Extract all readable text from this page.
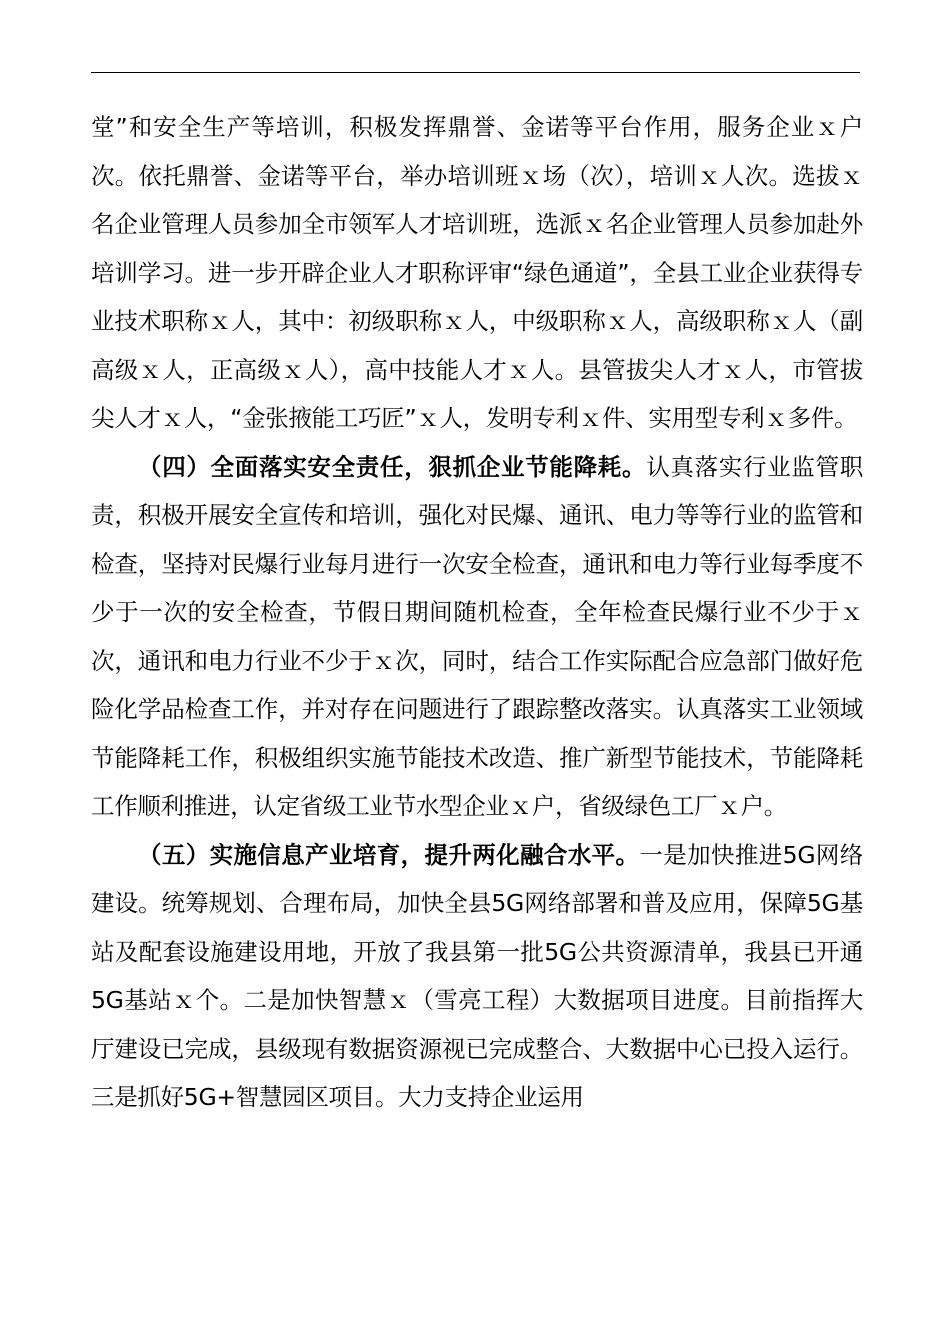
堂”和安全生产等培训，积极发挥鼎誉、金诺等平台作用，服务企业ｘ户次。依托鼎誉、金诺等平台，举办培训班ｘ场（次），培训ｘ人次。选拔ｘ名企业管理人员参加全市领军人才培训班，选派ｘ名企业管理人员参加赴外培训学习。进一步开辟企业人才职称评审“绿色通道”，全县工业企业获得专业技术职称ｘ人，其中：初级职称ｘ人，中级职称ｘ人，高级职称ｘ人（副高级ｘ人，正高级ｘ人），高中技能人才ｘ人。县管拔尖人才ｘ人，市管拔尖人才ｘ人，“金张掖能工巧匠”ｘ人，发明专利ｘ件、实用型专利ｘ多件。

（四）全面落实安全责任，狠抓企业节能降耗。认真落实行业监管职责，积极开展安全宣传和培训，强化对民爆、通讯、电力等等行业的监管和检查，坚持对民爆行业每月进行一次安全检查，通讯和电力等行业每季度不少于一次的安全检查，节假日期间随机检查，全年检查民爆行业不少于ｘ次，通讯和电力行业不少于ｘ次，同时，结合工作实际配合应急部门做好危险化学品检查工作，并对存在问题进行了跟踪整改落实。认真落实工业领域节能降耗工作，积极组织实施节能技术改造、推广新型节能技术，节能降耗工作顺利推进，认定省级工业节水型企业ｘ户，省级绿色工厂ｘ户。

（五）实施信息产业培育，提升两化融合水平。一是加快推进5G网络建设。统筹规划、合理布局，加快全县5G网络部署和普及应用，保障5G基站及配套设施建设用地，开放了我县第一批5G公共资源清单，我县已开通5G基站ｘ个。二是加快智慧ｘ（雪亮工程）大数据项目进度。目前指挥大厅建设已完成，县级现有数据资源视已完成整合、大数据中心已投入运行。三是抓好5G+智慧园区项目。大力支持企业运用
